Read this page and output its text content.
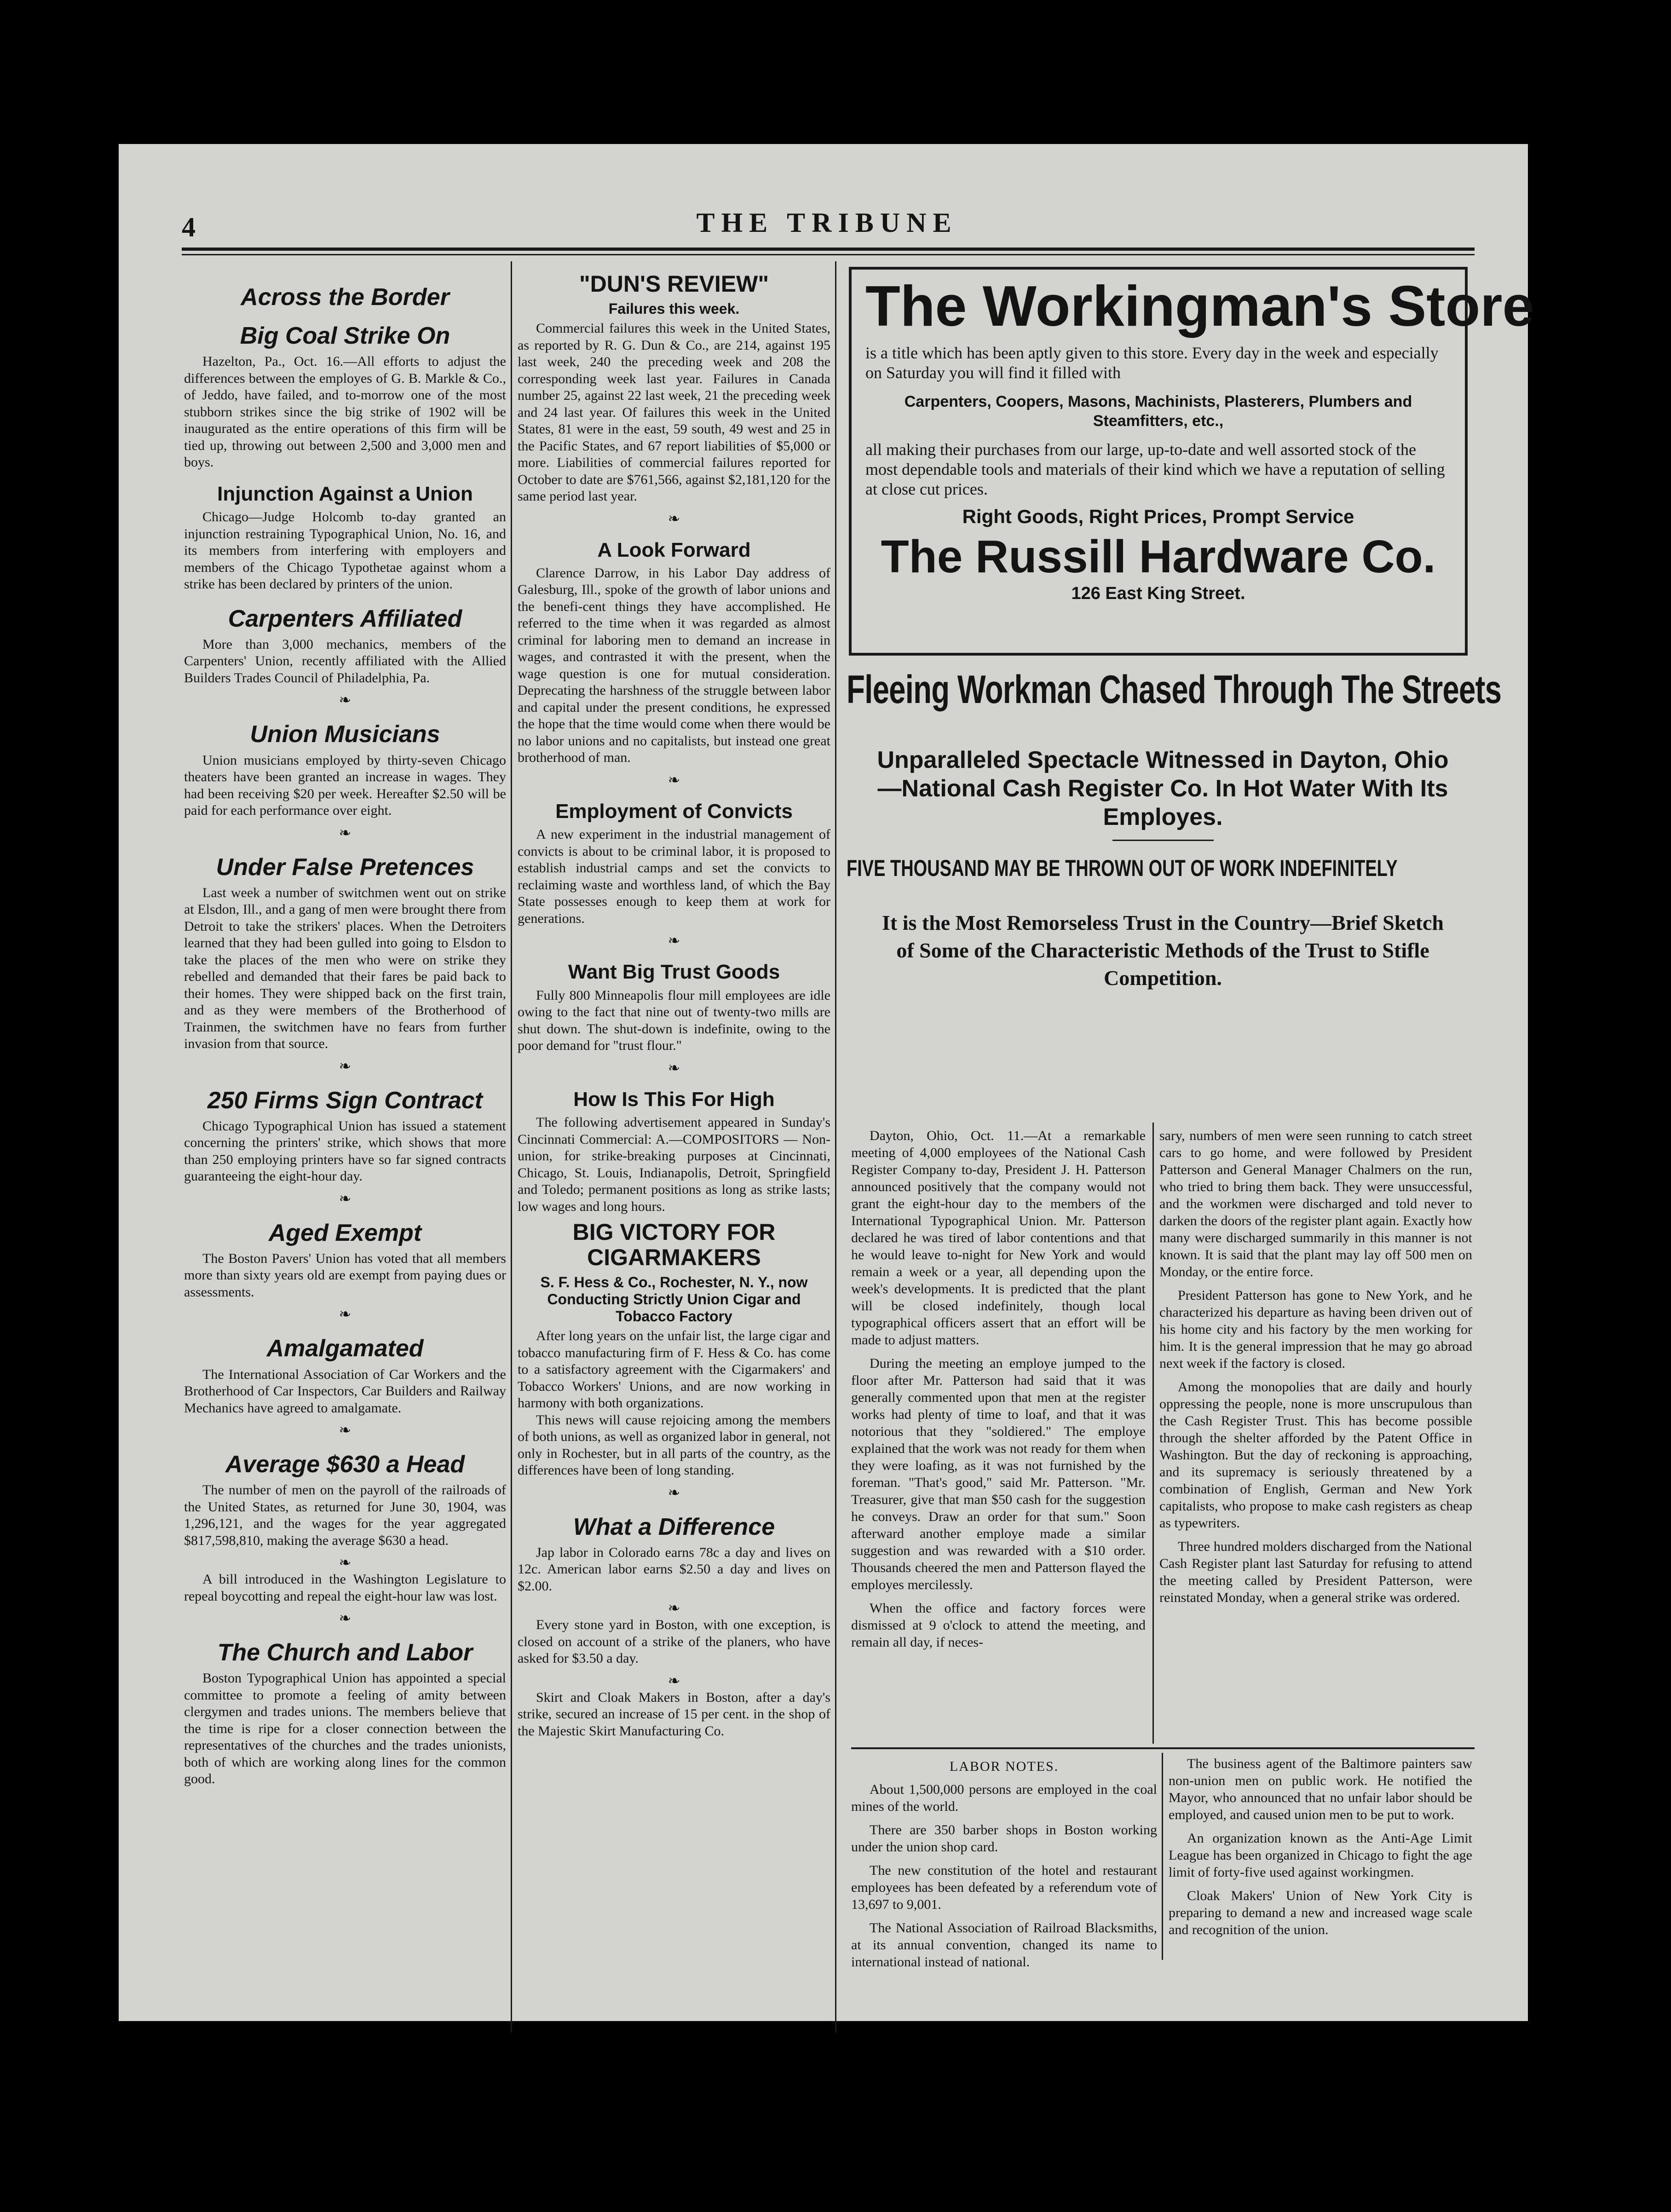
4	THE TRIBUNE
Across the Border
Big Coal Strike On

Hazelton, Pa., Oct. 16.—All efforts to adjust the differences between the employes of G. B. Markle & Co., of Jeddo, have failed, and to-morrow one of the most stubborn strikes since the big strike of 1902 will be inaugurated as the entire operations of this firm will be tied up, throwing out between 2,500 and 3,000 men and boys.

Injunction Against a Union

Chicago—Judge Holcomb to-day granted an injunction restraining Typographical Union, No. 16, and its members from interfering with employers and members of the Chicago Typothetae against whom a strike has been declared by printers of the union.

Carpenters Affiliated

More than 3,000 mechanics, members of the Carpenters' Union, recently affiliated with the Allied Builders Trades Council of Philadelphia, Pa.

❧
Union Musicians

Union musicians employed by thirty-seven Chicago theaters have been granted an increase in wages. They had been receiving $20 per week. Hereafter $2.50 will be paid for each performance over eight.

❧
Under False Pretences

Last week a number of switchmen went out on strike at Elsdon, Ill., and a gang of men were brought there from Detroit to take the strikers' places. When the Detroiters learned that they had been gulled into going to Elsdon to take the places of the men who were on strike they rebelled and demanded that their fares be paid back to their homes. They were shipped back on the first train, and as they were members of the Brotherhood of Trainmen, the switchmen have no fears from further invasion from that source.

❧
250 Firms Sign Contract

Chicago Typographical Union has issued a statement concerning the printers' strike, which shows that more than 250 employing printers have so far signed contracts guaranteeing the eight-hour day.

❧
Aged Exempt

The Boston Pavers' Union has voted that all members more than sixty years old are exempt from paying dues or assessments.

❧
Amalgamated

The International Association of Car Workers and the Brotherhood of Car Inspectors, Car Builders and Railway Mechanics have agreed to amalgamate.

❧
Average $630 a Head

The number of men on the payroll of the railroads of the United States, as returned for June 30, 1904, was 1,296,121, and the wages for the year aggregated $817,598,810, making the average $630 a head.

❧

A bill introduced in the Washington Legislature to repeal boycotting and repeal the eight-hour law was lost.

❧
The Church and Labor

Boston Typographical Union has appointed a special committee to promote a feeling of amity between clergymen and trades unions. The members believe that the time is ripe for a closer connection between the representatives of the churches and the trades unionists, both of which are working along lines for the common good.

"DUN'S REVIEW"
Failures this week.

Commercial failures this week in the United States, as reported by R. G. Dun & Co., are 214, against 195 last week, 240 the preceding week and 208 the corresponding week last year. Failures in Canada number 25, against 22 last week, 21 the preceding week and 24 last year. Of failures this week in the United States, 81 were in the east, 59 south, 49 west and 25 in the Pacific States, and 67 report liabilities of $5,000 or more. Liabilities of commercial failures reported for October to date are $761,566, against $2,181,120 for the same period last year.

❧
A Look Forward

Clarence Darrow, in his Labor Day address of Galesburg, Ill., spoke of the growth of labor unions and the benefi-cent things they have accomplished. He referred to the time when it was regarded as almost criminal for laboring men to demand an increase in wages, and contrasted it with the present, when the wage question is one for mutual consideration. Deprecating the harshness of the struggle between labor and capital under the present conditions, he expressed the hope that the time would come when there would be no labor unions and no capitalists, but instead one great brotherhood of man.

❧
Employment of Convicts

A new experiment in the industrial management of convicts is about to be criminal labor, it is proposed to establish industrial camps and set the convicts to reclaiming waste and worthless land, of which the Bay State possesses enough to keep them at work for generations.

❧
Want Big Trust Goods

Fully 800 Minneapolis flour mill employees are idle owing to the fact that nine out of twenty-two mills are shut down. The shut-down is indefinite, owing to the poor demand for "trust flour."

❧
How Is This For High

The following advertisement appeared in Sunday's Cincinnati Commercial: A.—COMPOSITORS — Non-union, for strike-breaking purposes at Cincinnati, Chicago, St. Louis, Indianapolis, Detroit, Springfield and Toledo; permanent positions as long as strike lasts; low wages and long hours.

BIG VICTORY FOR CIGARMAKERS
S. F. Hess & Co., Rochester, N. Y., now Conducting Strictly Union Cigar and Tobacco Factory

After long years on the unfair list, the large cigar and tobacco manufacturing firm of F. Hess & Co. has come to a satisfactory agreement with the Cigarmakers' and Tobacco Workers' Unions, and are now working in harmony with both organizations.

This news will cause rejoicing among the members of both unions, as well as organized labor in general, not only in Rochester, but in all parts of the country, as the differences have been of long standing.

❧
What a Difference

Jap labor in Colorado earns 78c a day and lives on 12c. American labor earns $2.50 a day and lives on $2.00.

❧

Every stone yard in Boston, with one exception, is closed on account of a strike of the planers, who have asked for $3.50 a day.

❧

Skirt and Cloak Makers in Boston, after a day's strike, secured an increase of 15 per cent. in the shop of the Majestic Skirt Manufacturing Co.

The Workingman's Store
is a title which has been aptly given to this store. Every day in the week and especially on Saturday you will find it filled with
Carpenters, Coopers, Masons, Machinists, Plasterers, Plumbers and Steamfitters, etc.,
all making their purchases from our large, up-to-date and well assorted stock of the most dependable tools and materials of their kind which we have a reputation of selling at close cut prices.
Right Goods, Right Prices, Prompt Service
The Russill Hardware Co.
126 East King Street.
Fleeing Workman Chased Through The Streets
Unparalleled Spectacle Witnessed in Dayton, Ohio—National Cash Register Co. In Hot Water With Its Employes.
FIVE THOUSAND MAY BE THROWN OUT OF WORK INDEFINITELY
It is the Most Remorseless Trust in the Country—Brief Sketch of Some of the Characteristic Methods of the Trust to Stifle Competition.

Dayton, Ohio, Oct. 11.—At a remarkable meeting of 4,000 employees of the National Cash Register Company to-day, President J. H. Patterson announced positively that the company would not grant the eight-hour day to the members of the International Typographical Union. Mr. Patterson declared he was tired of labor contentions and that he would leave to-night for New York and would remain a week or a year, all depending upon the week's developments. It is predicted that the plant will be closed indefinitely, though local typographical officers assert that an effort will be made to adjust matters.

During the meeting an employe jumped to the floor after Mr. Patterson had said that it was generally commented upon that men at the register works had plenty of time to loaf, and that it was notorious that they "soldiered." The employe explained that the work was not ready for them when they were loafing, as it was not furnished by the foreman. "That's good," said Mr. Patterson. "Mr. Treasurer, give that man $50 cash for the suggestion he conveys. Draw an order for that sum." Soon afterward another employe made a similar suggestion and was rewarded with a $10 order. Thousands cheered the men and Patterson flayed the employes mercilessly.

When the office and factory forces were dismissed at 9 o'clock to attend the meeting, and remain all day, if neces-

sary, numbers of men were seen running to catch street cars to go home, and were followed by President Patterson and General Manager Chalmers on the run, who tried to bring them back. They were unsuccessful, and the workmen were discharged and told never to darken the doors of the register plant again. Exactly how many were discharged summarily in this manner is not known. It is said that the plant may lay off 500 men on Monday, or the entire force.

President Patterson has gone to New York, and he characterized his departure as having been driven out of his home city and his factory by the men working for him. It is the general impression that he may go abroad next week if the factory is closed.

Among the monopolies that are daily and hourly oppressing the people, none is more unscrupulous than the Cash Register Trust. This has become possible through the shelter afforded by the Patent Office in Washington. But the day of reckoning is approaching, and its supremacy is seriously threatened by a combination of English, German and New York capitalists, who propose to make cash registers as cheap as typewriters.

Three hundred molders discharged from the National Cash Register plant last Saturday for refusing to attend the meeting called by President Patterson, were reinstated Monday, when a general strike was ordered.

LABOR NOTES.

About 1,500,000 persons are employed in the coal mines of the world.

There are 350 barber shops in Boston working under the union shop card.

The new constitution of the hotel and restaurant employees has been defeated by a referendum vote of 13,697 to 9,001.

The National Association of Railroad Blacksmiths, at its annual convention, changed its name to international instead of national.

The business agent of the Baltimore painters saw non-union men on public work. He notified the Mayor, who announced that no unfair labor should be employed, and caused union men to be put to work.

An organization known as the Anti-Age Limit League has been organized in Chicago to fight the age limit of forty-five used against workingmen.

Cloak Makers' Union of New York City is preparing to demand a new and increased wage scale and recognition of the union.
